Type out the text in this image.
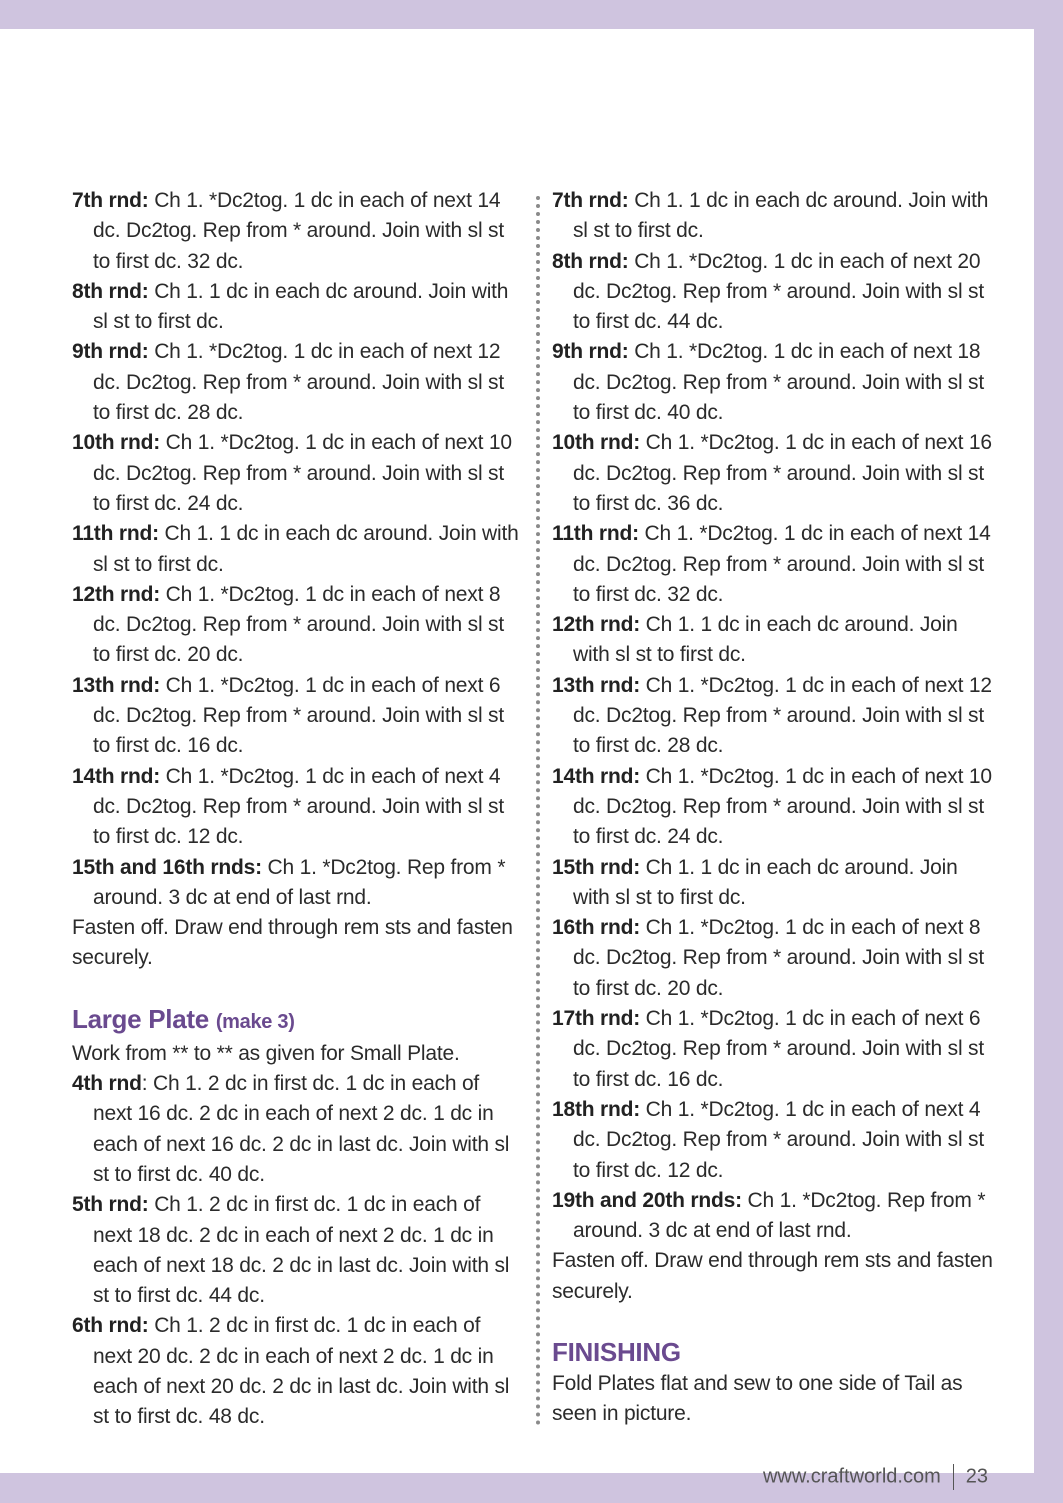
7th rnd: Ch 1. *Dc2tog. 1 dc in each of next 14 dc. Dc2tog. Rep from * around. Join with sl st to first dc. 32 dc.

8th rnd: Ch 1. 1 dc in each dc around. Join with sl st to first dc.

9th rnd: Ch 1. *Dc2tog. 1 dc in each of next 12 dc. Dc2tog. Rep from * around. Join with sl st to first dc. 28 dc.

10th rnd: Ch 1. *Dc2tog. 1 dc in each of next 10 dc. Dc2tog. Rep from * around. Join with sl st to first dc. 24 dc.

11th rnd: Ch 1. 1 dc in each dc around. Join with sl st to first dc.

12th rnd: Ch 1. *Dc2tog. 1 dc in each of next 8 dc. Dc2tog. Rep from * around. Join with sl st to first dc. 20 dc.

13th rnd: Ch 1. *Dc2tog. 1 dc in each of next 6 dc. Dc2tog. Rep from * around. Join with sl st to first dc. 16 dc.

14th rnd: Ch 1. *Dc2tog. 1 dc in each of next 4 dc. Dc2tog. Rep from * around. Join with sl st to first dc. 12 dc.

15th and 16th rnds: Ch 1. *Dc2tog. Rep from * around. 3 dc at end of last rnd.

Fasten off. Draw end through rem sts and fasten securely.

Large Plate (make 3)

Work from ** to ** as given for Small Plate.

4th rnd: Ch 1. 2 dc in first dc. 1 dc in each of next 16 dc. 2 dc in each of next 2 dc. 1 dc in each of next 16 dc. 2 dc in last dc. Join with sl st to first dc. 40 dc.

5th rnd: Ch 1. 2 dc in first dc. 1 dc in each of next 18 dc. 2 dc in each of next 2 dc. 1 dc in each of next 18 dc. 2 dc in last dc. Join with sl st to first dc. 44 dc.

6th rnd: Ch 1. 2 dc in first dc. 1 dc in each of next 20 dc. 2 dc in each of next 2 dc. 1 dc in each of next 20 dc. 2 dc in last dc. Join with sl st to first dc. 48 dc.

7th rnd: Ch 1. 1 dc in each dc around. Join with sl st to first dc.

8th rnd: Ch 1. *Dc2tog. 1 dc in each of next 20 dc. Dc2tog. Rep from * around. Join with sl st to first dc. 44 dc.

9th rnd: Ch 1. *Dc2tog. 1 dc in each of next 18 dc. Dc2tog. Rep from * around. Join with sl st to first dc. 40 dc.

10th rnd: Ch 1. *Dc2tog. 1 dc in each of next 16 dc. Dc2tog. Rep from * around. Join with sl st to first dc. 36 dc.

11th rnd: Ch 1. *Dc2tog. 1 dc in each of next 14 dc. Dc2tog. Rep from * around. Join with sl st to first dc. 32 dc.

12th rnd: Ch 1. 1 dc in each dc around. Join with sl st to first dc.

13th rnd: Ch 1. *Dc2tog. 1 dc in each of next 12 dc. Dc2tog. Rep from * around. Join with sl st to first dc. 28 dc.

14th rnd: Ch 1. *Dc2tog. 1 dc in each of next 10 dc. Dc2tog. Rep from * around. Join with sl st to first dc. 24 dc.

15th rnd: Ch 1. 1 dc in each dc around. Join with sl st to first dc.

16th rnd: Ch 1. *Dc2tog. 1 dc in each of next 8 dc. Dc2tog. Rep from * around. Join with sl st to first dc. 20 dc.

17th rnd: Ch 1. *Dc2tog. 1 dc in each of next 6 dc. Dc2tog. Rep from * around. Join with sl st to first dc. 16 dc.

18th rnd: Ch 1. *Dc2tog. 1 dc in each of next 4 dc. Dc2tog. Rep from * around. Join with sl st to first dc. 12 dc.

19th and 20th rnds: Ch 1. *Dc2tog. Rep from * around. 3 dc at end of last rnd.

Fasten off. Draw end through rem sts and fasten securely.

FINISHING

Fold Plates flat and sew to one side of Tail as seen in picture.

www.craftworld.com 23
